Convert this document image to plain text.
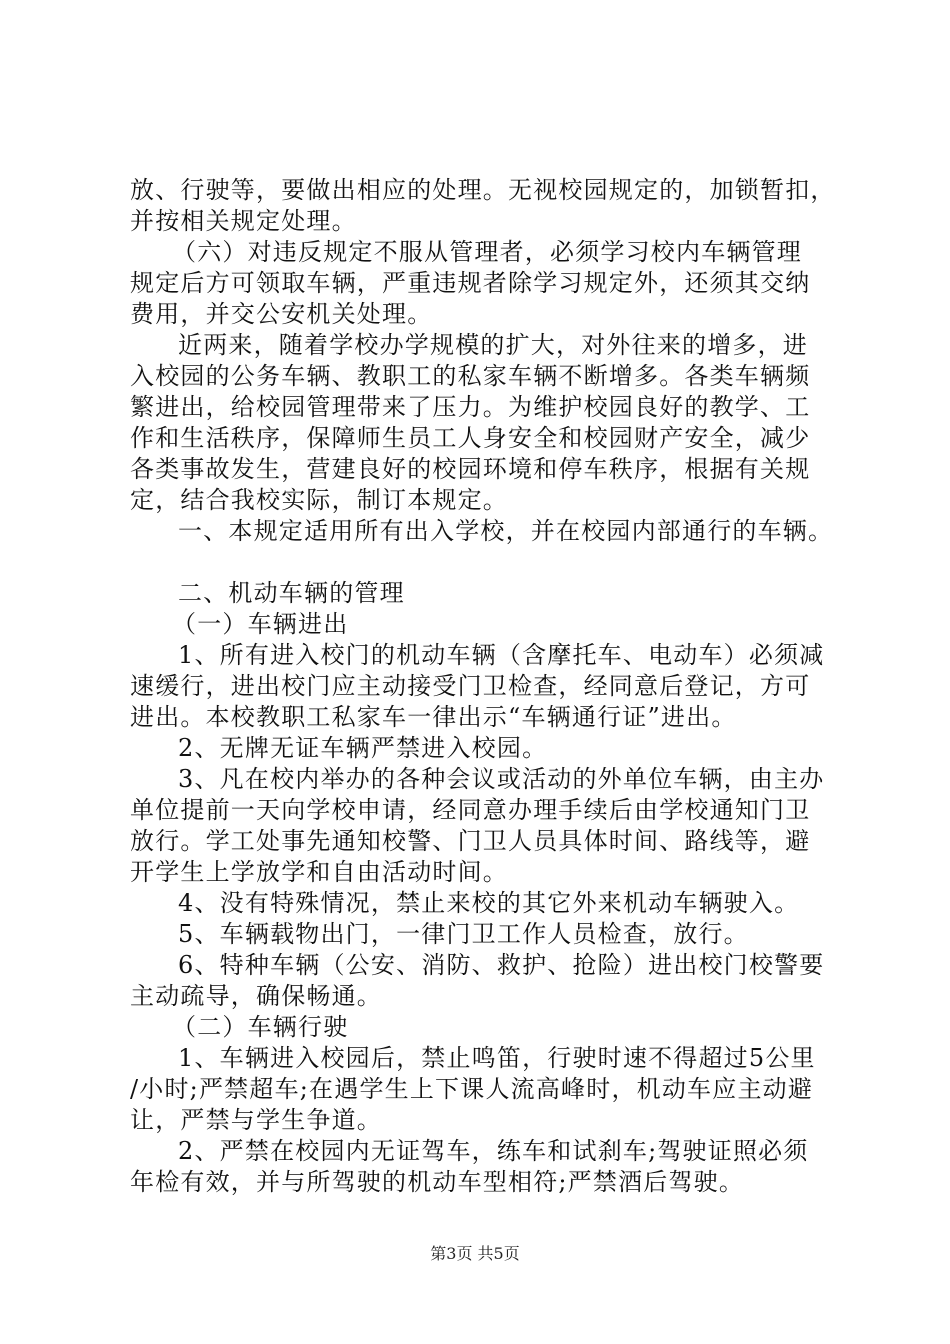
放、行驶等，要做出相应的处理。无视校园规定的，加锁暂扣，
并按相关规定处理。
（六）对违反规定不服从管理者，必须学习校内车辆管理
规定后方可领取车辆，严重违规者除学习规定外，还须其交纳
费用，并交公安机关处理。
近两来，随着学校办学规模的扩大，对外往来的增多，进
入校园的公务车辆、教职工的私家车辆不断增多。各类车辆频
繁进出，给校园管理带来了压力。为维护校园良好的教学、工
作和生活秩序，保障师生员工人身安全和校园财产安全，减少
各类事故发生，营建良好的校园环境和停车秩序，根据有关规
定，结合我校实际，制订本规定。
一、本规定适用所有出入学校，并在校园内部通行的车辆。
二、机动车辆的管理
（一）车辆进出
1、所有进入校门的机动车辆（含摩托车、电动车）必须减
速缓行，进出校门应主动接受门卫检查，经同意后登记，方可
进出。本校教职工私家车一律出示“车辆通行证”进出。
2、无牌无证车辆严禁进入校园。
3、凡在校内举办的各种会议或活动的外单位车辆，由主办
单位提前一天向学校申请，经同意办理手续后由学校通知门卫
放行。学工处事先通知校警、门卫人员具体时间、路线等，避
开学生上学放学和自由活动时间。
4、没有特殊情况，禁止来校的其它外来机动车辆驶入。
5、车辆载物出门，一律门卫工作人员检查，放行。
6、特种车辆（公安、消防、救护、抢险）进出校门校警要
主动疏导，确保畅通。
（二）车辆行驶
1、车辆进入校园后，禁止鸣笛，行驶时速不得超过5公里
/小时;严禁超车;在遇学生上下课人流高峰时，机动车应主动避
让，严禁与学生争道。
2、严禁在校园内无证驾车，练车和试刹车;驾驶证照必须
年检有效，并与所驾驶的机动车型相符;严禁酒后驾驶。
第3页 共5页
